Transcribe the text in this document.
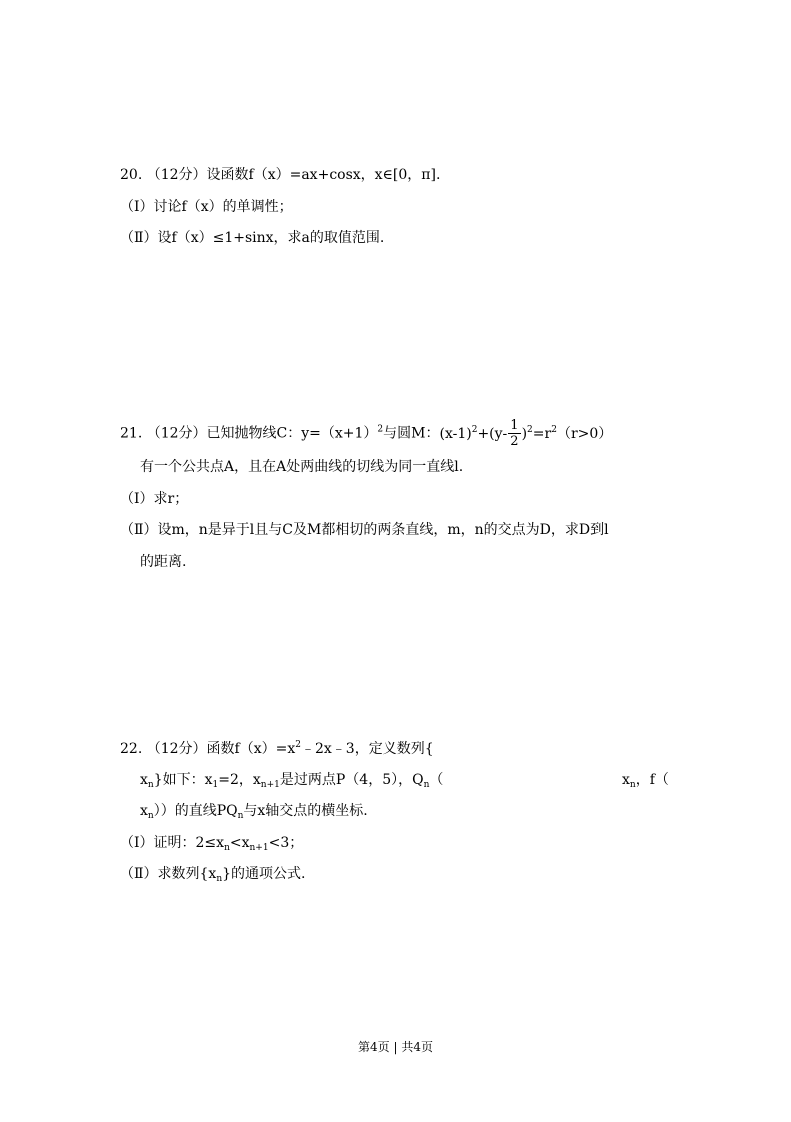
20. （12分）设函数f（x）=ax+cosx，x∈[0，π].
（Ⅰ）讨论f（x）的单调性；
（Ⅱ）设f（x）≤1+sinx，求a的取值范围.
21. （12分）已知抛物线C：$y=(x+1)^2$与圆M：$(x-1)^2+(y- \frac{1}{2} )^2=r^2(r>0)$
有一个公共点A，且在A处两曲线的切线为同一直线l.
（Ⅰ）求r；
（Ⅱ）设m，n是异于l且与C及M都相切的两条直线，m，n的交点为D，求D到l
的距离.
22. （12分）函数$f(x)=x^2﹣2x﹣3$，定义数列{
$x_n$}如下：$x_1=2$，$x_{n+1}$是过两点P（4，5），$Q_n$（	$x_n$，f（
$x_n$））的直线$PQ_n$与x轴交点的横坐标.
（Ⅰ）证明：$2\le x_n<x_{n+1}<3$；
（Ⅱ）求数列$\{x_n\}$的通项公式.
第4页 | 共4页
